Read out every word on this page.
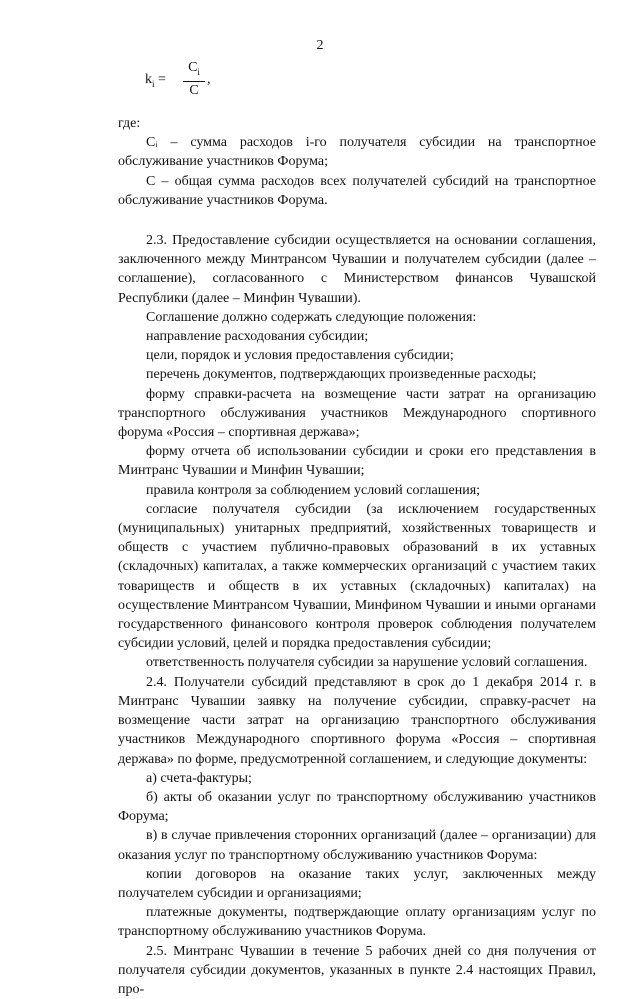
2
$k_i$ =
$C_i$
C
,

где:

Cᵢ – сумма расходов i-го получателя субсидии на транспортное обслуживание участников Форума;

C – общая сумма расходов всех получателей субсидий на транспортное обслуживание участников Форума.

2.3. Предоставление субсидии осуществляется на основании соглашения, заключенного между Минтрансом Чувашии и получателем субсидии (далее – соглашение), согласованного с Министерством финансов Чувашской Республики (далее – Минфин Чувашии).

Соглашение должно содержать следующие положения:

направление расходования субсидии;

цели, порядок и условия предоставления субсидии;

перечень документов, подтверждающих произведенные расходы;

форму справки-расчета на возмещение части затрат на организацию транспортного обслуживания участников Международного спортивного форума «Россия – спортивная держава»;

форму отчета об использовании субсидии и сроки его представления в Минтранс Чувашии и Минфин Чувашии;

правила контроля за соблюдением условий соглашения;

согласие получателя субсидии (за исключением государственных (муниципальных) унитарных предприятий, хозяйственных товариществ и обществ с участием публично-правовых образований в их уставных (складочных) капиталах, а также коммерческих организаций с участием таких товариществ и обществ в их уставных (складочных) капиталах) на осуществление Минтрансом Чувашии, Минфином Чувашии и иными органами государственного финансового контроля проверок соблюдения получателем субсидии условий, целей и порядка предоставления субсидии;

ответственность получателя субсидии за нарушение условий соглашения.

2.4. Получатели субсидий представляют в срок до 1 декабря 2014 г. в Минтранс Чувашии заявку на получение субсидии, справку-расчет на возмещение части затрат на организацию транспортного обслуживания участников Международного спортивного форума «Россия – спортивная держава» по форме, предусмотренной соглашением, и следующие документы:

а) счета-фактуры;

б) акты об оказании услуг по транспортному обслуживанию участников Форума;

в) в случае привлечения сторонних организаций (далее – организации) для оказания услуг по транспортному обслуживанию участников Форума:

копии договоров на оказание таких услуг, заключенных между получателем субсидии и организациями;

платежные документы, подтверждающие оплату организациям услуг по транспортному обслуживанию участников Форума.

2.5. Минтранс Чувашии в течение 5 рабочих дней со дня получения от получателя субсидии документов, указанных в пункте 2.4 настоящих Правил, про-
